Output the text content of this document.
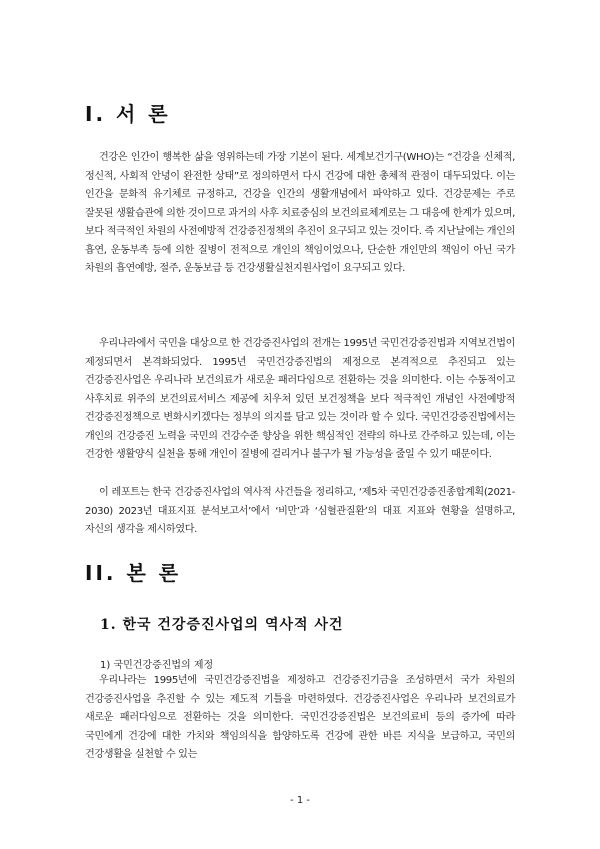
I. 서 론

건강은 인간이 행복한 삶을 영위하는데 가장 기본이 된다. 세계보건기구(WHO)는 “건강을 신체적, 정신적, 사회적 안녕이 완전한 상태”로 정의하면서 다시 건강에 대한 총체적 관점이 대두되었다. 이는 인간을 문화적 유기체로 규정하고, 건강을 인간의 생활개념에서 파악하고 있다. 건강문제는 주로 잘못된 생활습관에 의한 것이므로 과거의 사후 치료중심의 보건의료체계로는 그 대응에 한계가 있으며, 보다 적극적인 차원의 사전예방적 건강증진정책의 추진이 요구되고 있는 것이다. 즉 지난날에는 개인의 흡연, 운동부족 등에 의한 질병이 전적으로 개인의 책임이었으나, 단순한 개인만의 책임이 아닌 국가 차원의 흡연예방, 절주, 운동보급 등 건강생활실천지원사업이 요구되고 있다.

우리나라에서 국민을 대상으로 한 건강증진사업의 전개는 1995년 국민건강증진법과 지역보건법이 제정되면서 본격화되었다. 1995년 국민건강증진법의 제정으로 본격적으로 추진되고 있는 건강증진사업은 우리나라 보건의료가 새로운 패러다임으로 전환하는 것을 의미한다. 이는 수동적이고 사후치료 위주의 보건의료서비스 제공에 치우쳐 있던 보건정책을 보다 적극적인 개념인 사전예방적 건강증진정책으로 변화시키겠다는 정부의 의지를 담고 있는 것이라 할 수 있다. 국민건강증진법에서는 개인의 건강증진 노력을 국민의 건강수준 향상을 위한 핵심적인 전략의 하나로 간주하고 있는데, 이는 건강한 생활양식 실천을 통해 개인이 질병에 걸리거나 불구가 될 가능성을 줄일 수 있기 때문이다.

이 레포트는 한국 건강증진사업의 역사적 사건들을 정리하고, ‘제5차 국민건강증진종합계획(2021-2030) 2023년 대표지표 분석보고서’에서 ‘비만’과 ‘심혈관질환’의 대표 지표와 현황을 설명하고, 자신의 생각을 제시하였다.

II. 본 론
1. 한국 건강증진사업의 역사적 사건

1) 국민건강증진법의 제정

우리나라는 1995년에 국민건강증진법을 제정하고 건강증진기금을 조성하면서 국가 차원의 건강증진사업을 추진할 수 있는 제도적 기틀을 마련하였다. 건강증진사업은 우리나라 보건의료가 새로운 패러다임으로 전환하는 것을 의미한다. 국민건강증진법은 보건의료비 등의 증가에 따라 국민에게 건강에 대한 가치와 책임의식을 함양하도록 건강에 관한 바른 지식을 보급하고, 국민의 건강생활을 실천할 수 있는

- 1 -
